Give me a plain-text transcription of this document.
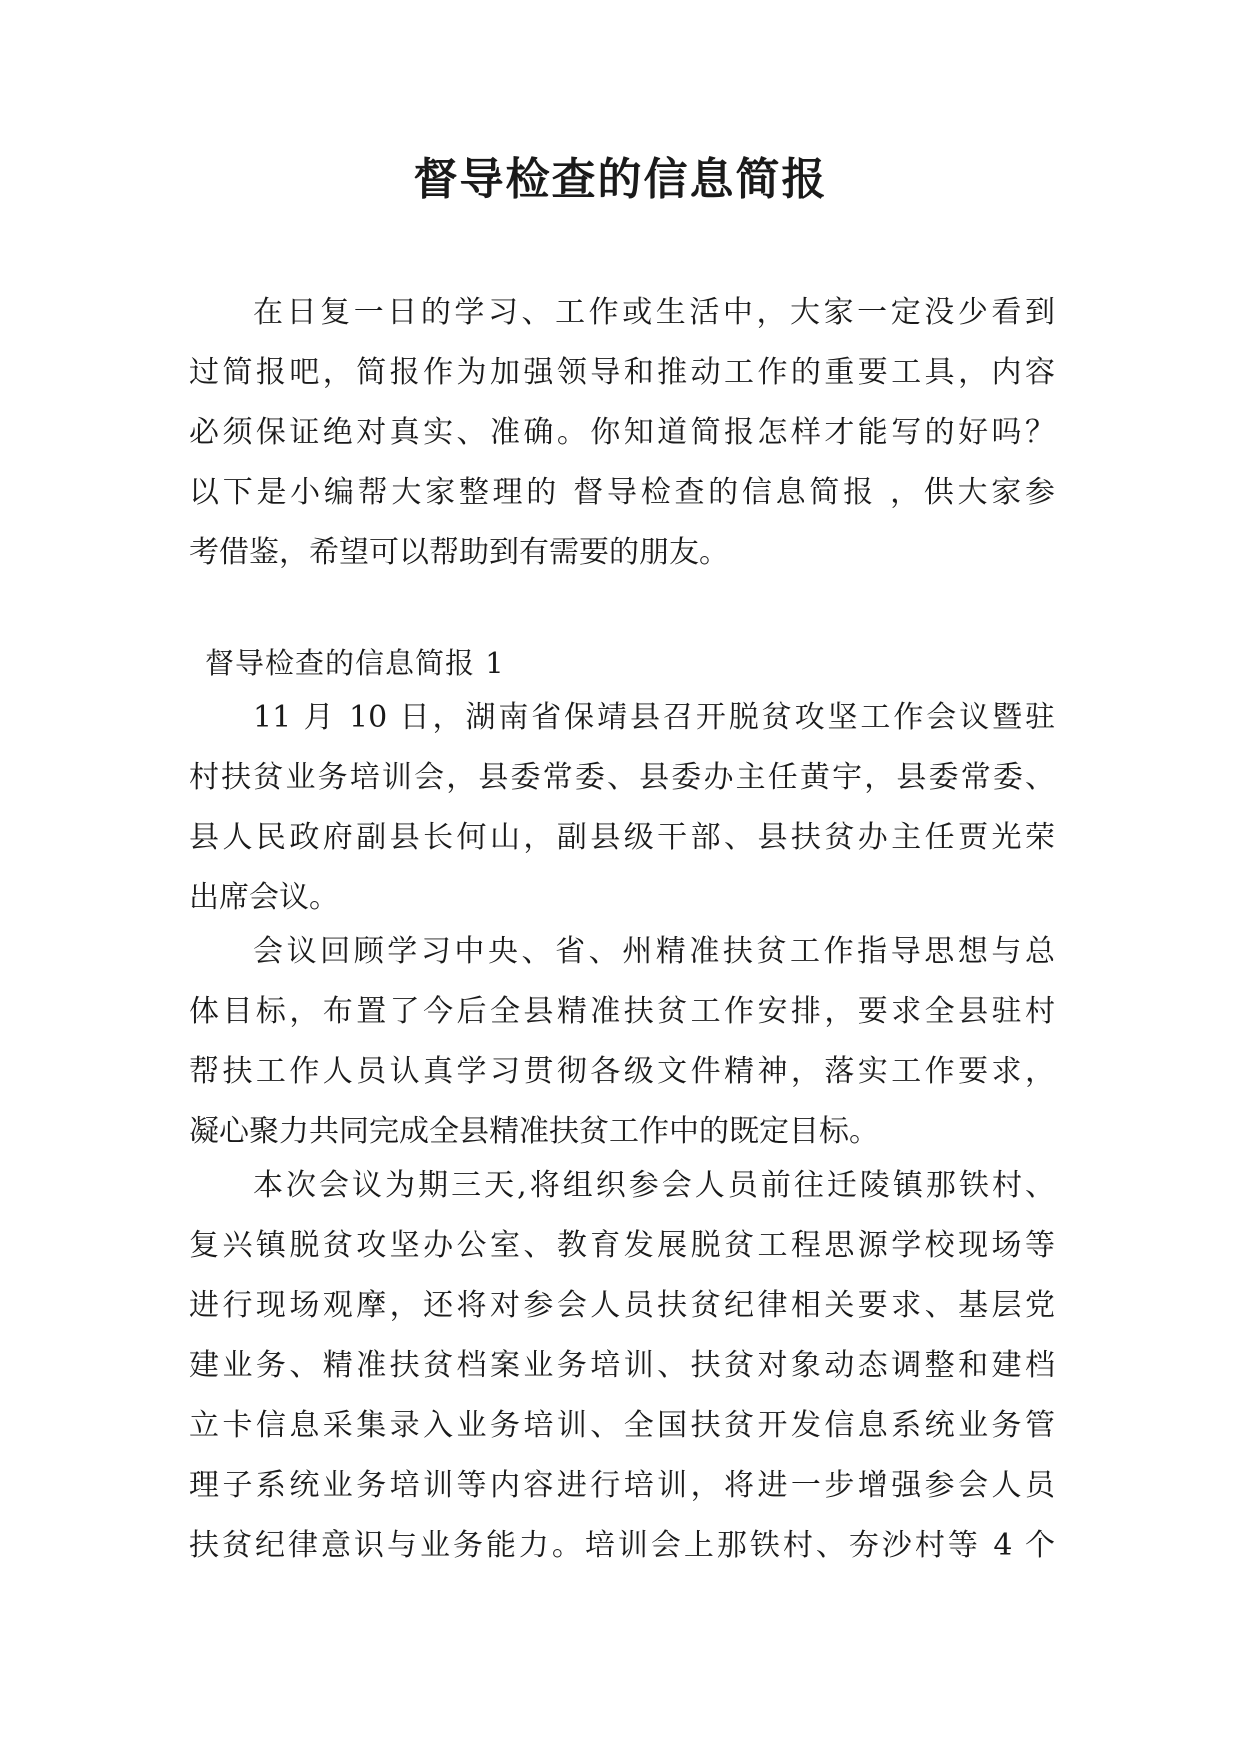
督导检查的信息简报
在日复一日的学习、工作或生活中，大家一定没少看到
过简报吧，简报作为加强领导和推动工作的重要工具，内容
必须保证绝对真实、准确。你知道简报怎样才能写的好吗？
以下是小编帮大家整理的 督导检查的信息简报 ，供大家参
考借鉴，希望可以帮助到有需要的朋友。
督导检查的信息简报 1
11 月 10 日，湖南省保靖县召开脱贫攻坚工作会议暨驻
村扶贫业务培训会，县委常委、县委办主任黄宇，县委常委、
县人民政府副县长何山，副县级干部、县扶贫办主任贾光荣
出席会议。
会议回顾学习中央、省、州精准扶贫工作指导思想与总
体目标，布置了今后全县精准扶贫工作安排，要求全县驻村
帮扶工作人员认真学习贯彻各级文件精神，落实工作要求，
凝心聚力共同完成全县精准扶贫工作中的既定目标。
本次会议为期三天,将组织参会人员前往迁陵镇那铁村、
复兴镇脱贫攻坚办公室、教育发展脱贫工程思源学校现场等
进行现场观摩，还将对参会人员扶贫纪律相关要求、基层党
建业务、精准扶贫档案业务培训、扶贫对象动态调整和建档
立卡信息采集录入业务培训、全国扶贫开发信息系统业务管
理子系统业务培训等内容进行培训，将进一步增强参会人员
扶贫纪律意识与业务能力。培训会上那铁村、夯沙村等 4 个
